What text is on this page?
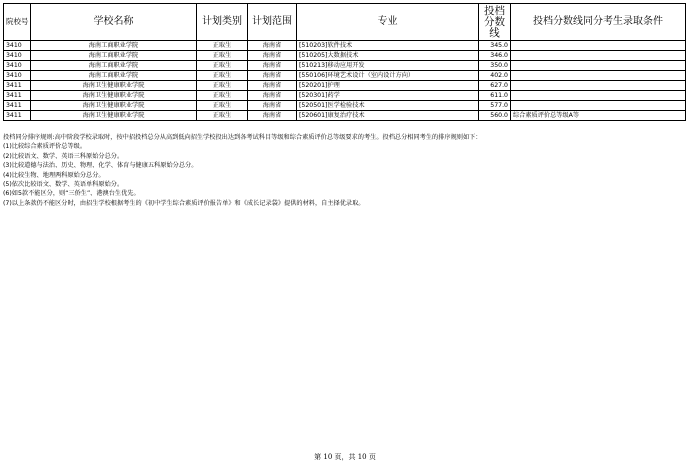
院校号	学校名称	计划类别	计划范围	专业	投档分数线	投档分数线同分考生录取条件
3410	海南工商职业学院	正取生	海南省	[510203]软件技术	345.0	
3410	海南工商职业学院	正取生	海南省	[510205]大数据技术	346.0	
3410	海南工商职业学院	正取生	海南省	[510213]移动应用开发	350.0	
3410	海南工商职业学院	正取生	海南省	[550106]环境艺术设计（室内设计方向）	402.0	
3411	海南卫生健康职业学院	正取生	海南省	[520201]护理	627.0	
3411	海南卫生健康职业学院	正取生	海南省	[520301]药学	611.0	
3411	海南卫生健康职业学院	正取生	海南省	[520501]医学检验技术	577.0	
3411	海南卫生健康职业学院	正取生	海南省	[520601]康复治疗技术	560.0	综合素质评价总等级A等
投档同分排序规则:高中阶段学校录取时，按中招投档总分从高到低向招生学校投出达到各考试科目等级和综合素质评价总等级要求的考生。投档总分相同考生的排序规则如下：
(1)比较综合素质评价总等级。
(2)比较语文、数学、英语三科原始分总分。
(3)比较道德与法治、历史、物理、化学、体育与健康五科原始分总分。
(4)比较生物、地理两科原始分总分。
(5)依次比较语文、数学、英语单科原始分。
(6)如5款不能区分，则“三侨生”、港澳台生优先。
(7)以上条款仍不能区分时，由招生学校根据考生的《初中学生综合素质评价报告单》和《成长记录袋》提供的材料，自主择优录取。
第 10 页，共 10 页
